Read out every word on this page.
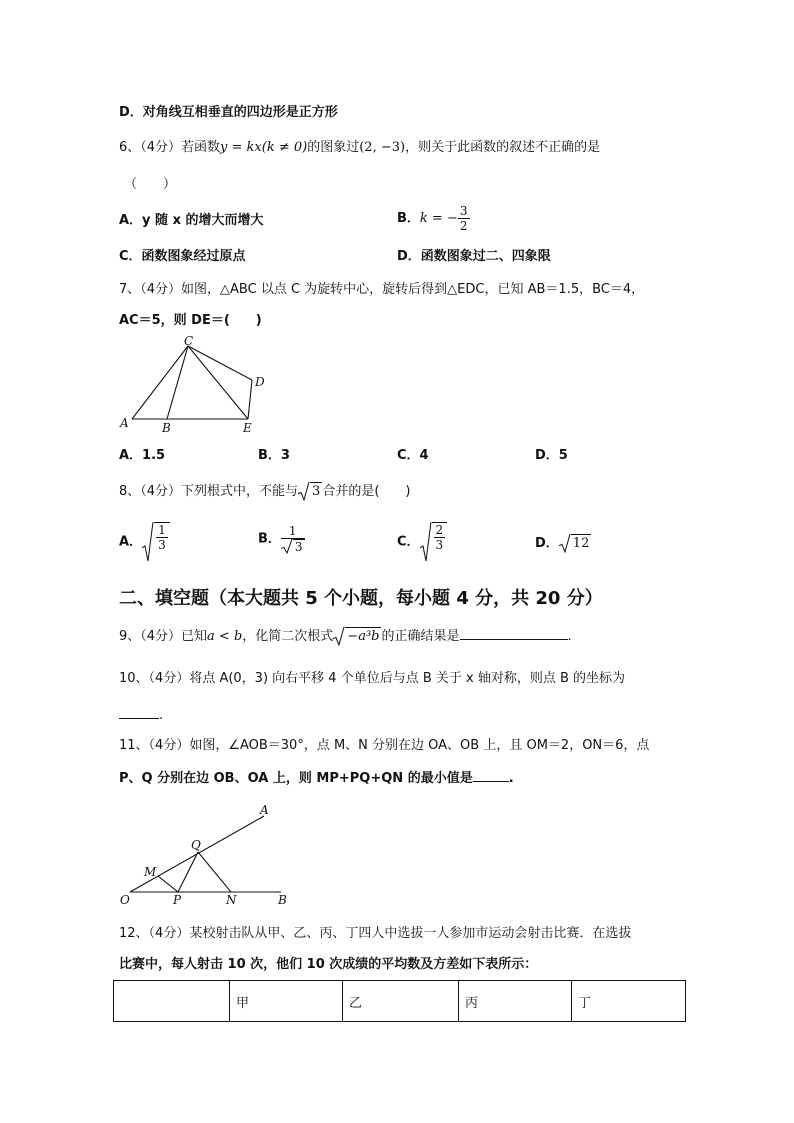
D．对角线互相垂直的四边形是正方形
6、（4分）若函数y = kx(k ≠ 0)的图象过(2, −3)，则关于此函数的叙述不正确的是
（　　）
A．y 随 x 的增大而增大	B．k = − $\frac{3}{2}$
C．函数图象经过原点	D．函数图象过二、四象限
7、（4分）如图，△ABC 以点 C 为旋转中心，旋转后得到△EDC，已知 AB＝1.5，BC＝4，
AC＝5，则 DE＝(　　)
C
D
A	B	E
A．1.5	B．3	C．4	D．5
8、（4分）下列根式中，不能与 3 合并的是(　　)
A． $\frac{1}{3}$	B． $\frac{1}{3}$	C． $\frac{2}{3}$	D． 12
二、填空题（本大题共 5 个小题，每小题 4 分，共 20 分）
9、（4分）已知a < b，化简二次根式 −a³b 的正确结果是	.
10、（4分）将点 A(0，3) 向右平移 4 个单位后与点 B 关于 x 轴对称，则点 B 的坐标为
.
11、（4分）如图，∠AOB＝30°，点 M、N 分别在边 OA、OB 上，且 OM＝2，ON＝6，点
P、Q 分别在边 OB、OA 上，则 MP+PQ+QN 的最小值是	.
A
Q
M
O	P	N	B
12、（4分）某校射击队从甲、乙、丙、丁四人中选拔一人参加市运动会射击比赛．在选拔
比赛中，每人射击 10 次，他们 10 次成绩的平均数及方差如下表所示：
	甲	乙	丙	丁
